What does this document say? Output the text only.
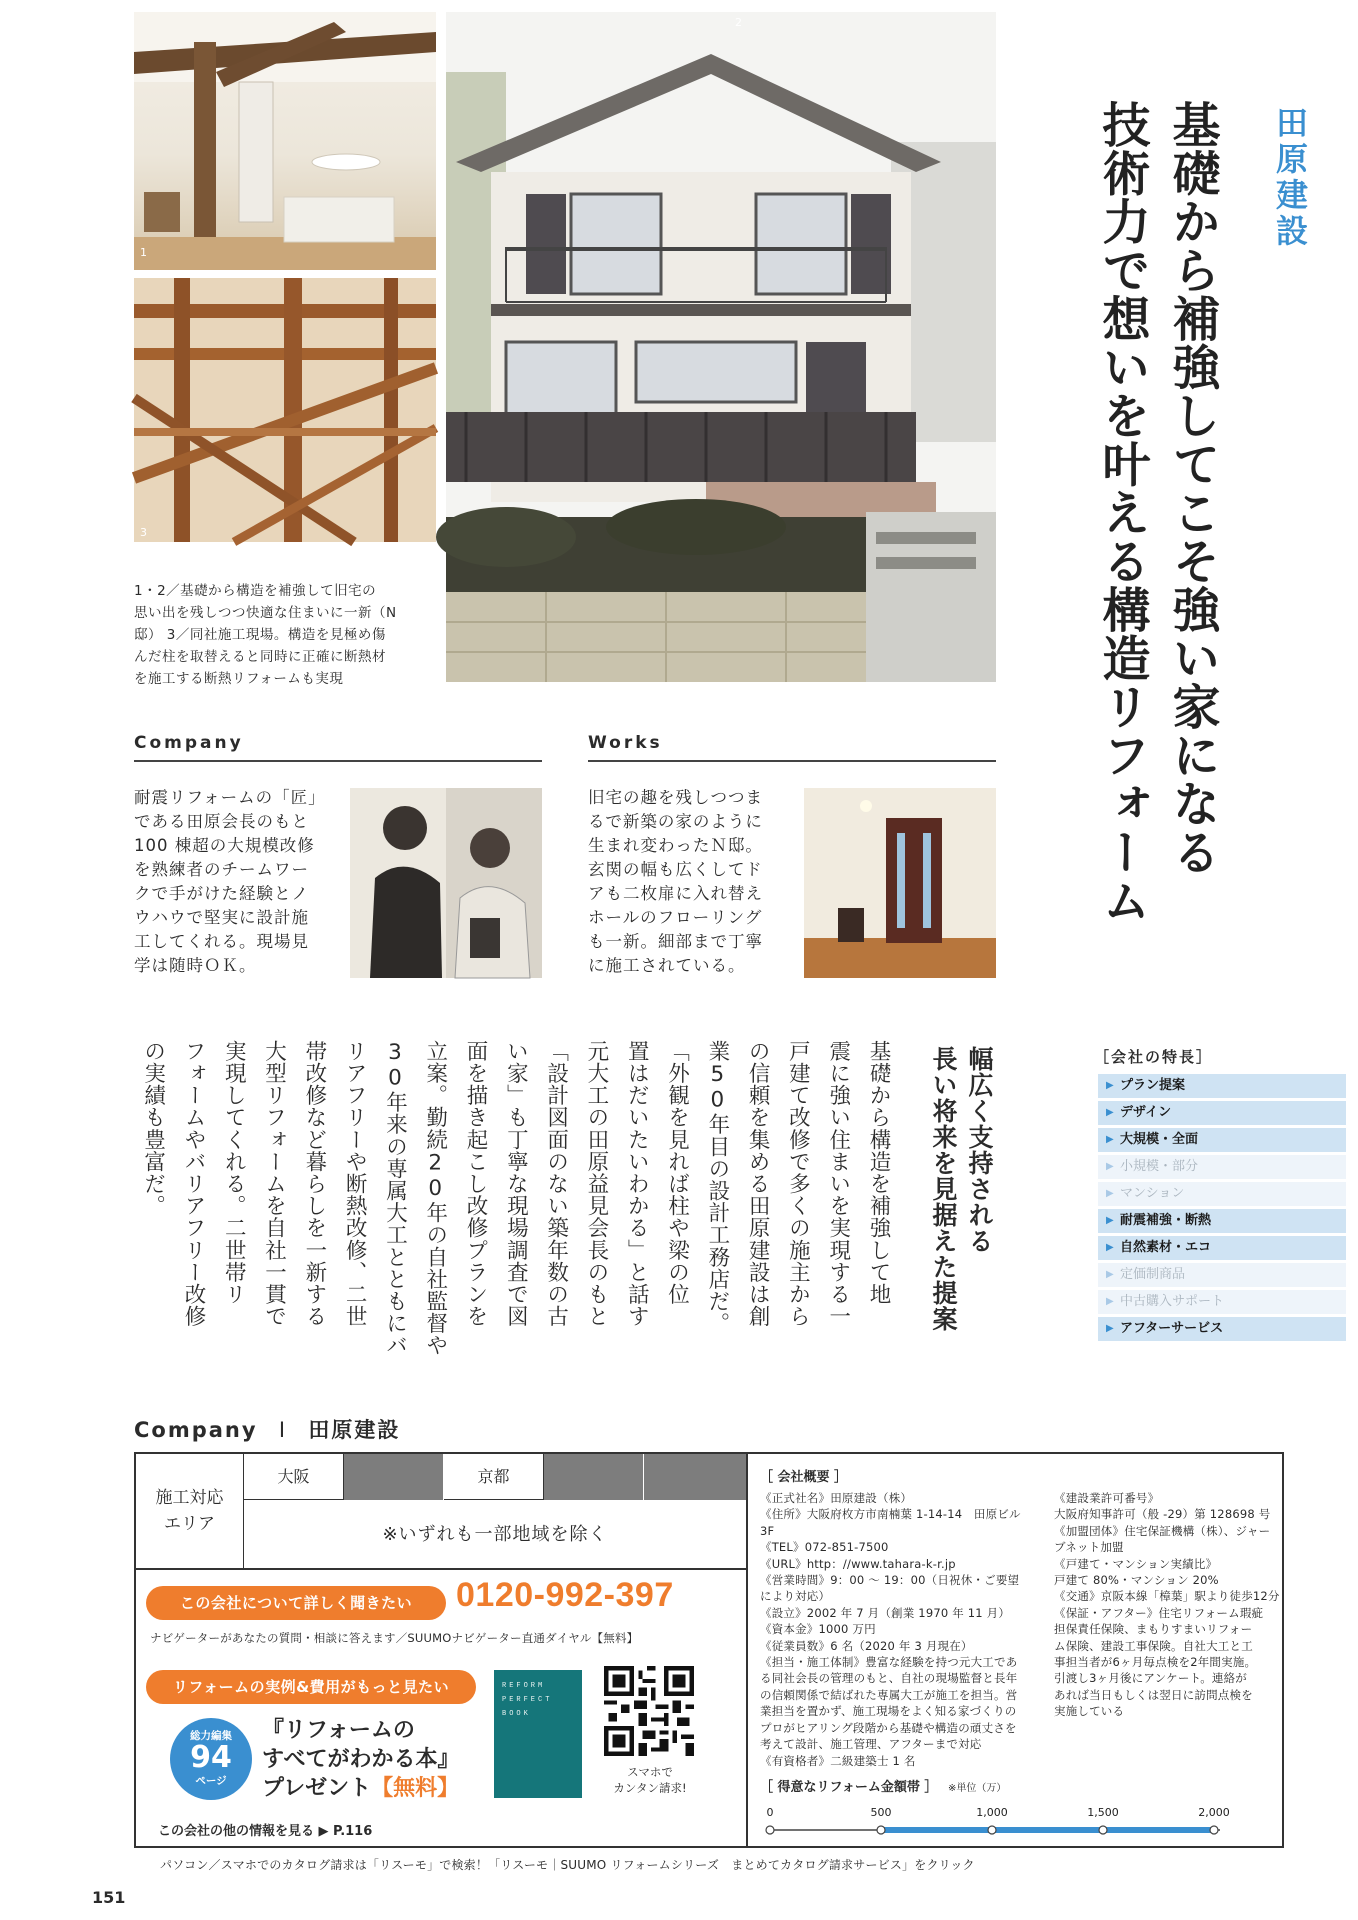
1
3
2
田原建設
基礎から補強してこそ強い家になる
技術力で想いを叶える構造リフォーム
1・2／基礎から構造を補強して旧宅の
思い出を残しつつ快適な住まいに一新（N
邸） 3／同社施工現場。構造を見極め傷
んだ柱を取替えると同時に正確に断熱材
を施工する断熱リフォームも実現
Company
耐震リフォームの「匠」
である田原会長のもと
100 棟超の大規模改修
を熟練者のチームワー
クで手がけた経験とノ
ウハウで堅実に設計施
工してくれる。現場見
学は随時ＯＫ。
Works
旧宅の趣を残しつつま
るで新築の家のように
生まれ変わったＮ邸。
玄関の幅も広くしてド
アも二枚扉に入れ替え
ホールのフローリング
も一新。細部まで丁寧
に施工されている。
幅広く支持される
長い将来を見据えた提案
基礎から構造を補強して地
震に強い住まいを実現する一
戸建て改修で多くの施主から
の信頼を集める田原建設は創
業50年目の設計工務店だ。
「外観を見れば柱や梁の位
置はだいたいわかる」と話す
元大工の田原益見会長のもと
「設計図面のない築年数の古
い家」も丁寧な現場調査で図
面を描き起こし改修プランを
立案。勤続20年の自社監督や
30年来の専属大工とともにバ
リアフリーや断熱改修、二世
帯改修など暮らしを一新する
大型リフォームを自社一貫で
実現してくれる。二世帯リ
フォームやバリアフリー改修
の実績も豊富だ。	［会社の特長］
▶ プラン提案
▶ デザイン
▶ 大規模・全面
▶ 小規模・部分
▶ マンション
▶ 耐震補強・断熱
▶ 自然素材・エコ
▶ 定価制商品
▶ 中古購入サポート
▶ アフターサービス
Company I 田原建設
施工対応
エリア
大阪	京都
※いずれも一部地域を除く
この会社について詳しく聞きたい	0120-992-397
ナビゲーターがあなたの質問・相談に答えます／SUUMOナビゲーター直通ダイヤル【無料】
リフォームの実例&費用がもっと見たい
総力編集
94
ページ
『リフォームの
すべてがわかる本』
プレゼント【無料】
REFORM
PERFECT
BOOK
スマホで
カンタン請求!
この会社の他の情報を見る ▶ P.116
［ 会社概要 ］
《正式社名》田原建設（株）
《住所》大阪府枚方市南楠葉 1-14-14　田原ビル3F
《TEL》072-851-7500
《URL》http：//www.tahara-k-r.jp
《営業時間》9：00 ～ 19：00（日祝休・ご要望
により対応）
《設立》2002 年 7 月（創業 1970 年 11 月）
《資本金》1000 万円
《従業員数》6 名（2020 年 3 月現在）
《担当・施工体制》豊富な経験を持つ元大工であ
る同社会長の管理のもと、自社の現場監督と長年
の信頼関係で結ばれた専属大工が施工を担当。営
業担当を置かず、施工現場をよく知る家づくりの
プロがヒアリング段階から基礎や構造の頑丈さを
考えて設計、施工管理、アフターまで対応
《有資格者》二級建築士 1 名
《建設業許可番号》
大阪府知事許可（般 -29）第 128698 号
《加盟団体》住宅保証機構（株）、ジャー
ブネット加盟
《戸建て・マンション実績比》
戸建て 80%・マンション 20%
《交通》京阪本線「樟葉」駅より徒歩12分
《保証・アフター》住宅リフォーム瑕疵
担保責任保険、まもりすまいリフォー
ム保険、建設工事保険。自社大工と工
事担当者が6ヶ月毎点検を2年間実施。
引渡し3ヶ月後にアンケート。連絡が
あれば当日もしくは翌日に訪問点検を
実施している
［ 得意なリフォーム金額帯 ］ ※単位（万）
0	500	1,000	1,500	2,000
パソコン／スマホでのカタログ請求は「リスーモ」で検索！「リスーモ｜SUUMO リフォームシリーズ　まとめてカタログ請求サービス」をクリック
151
